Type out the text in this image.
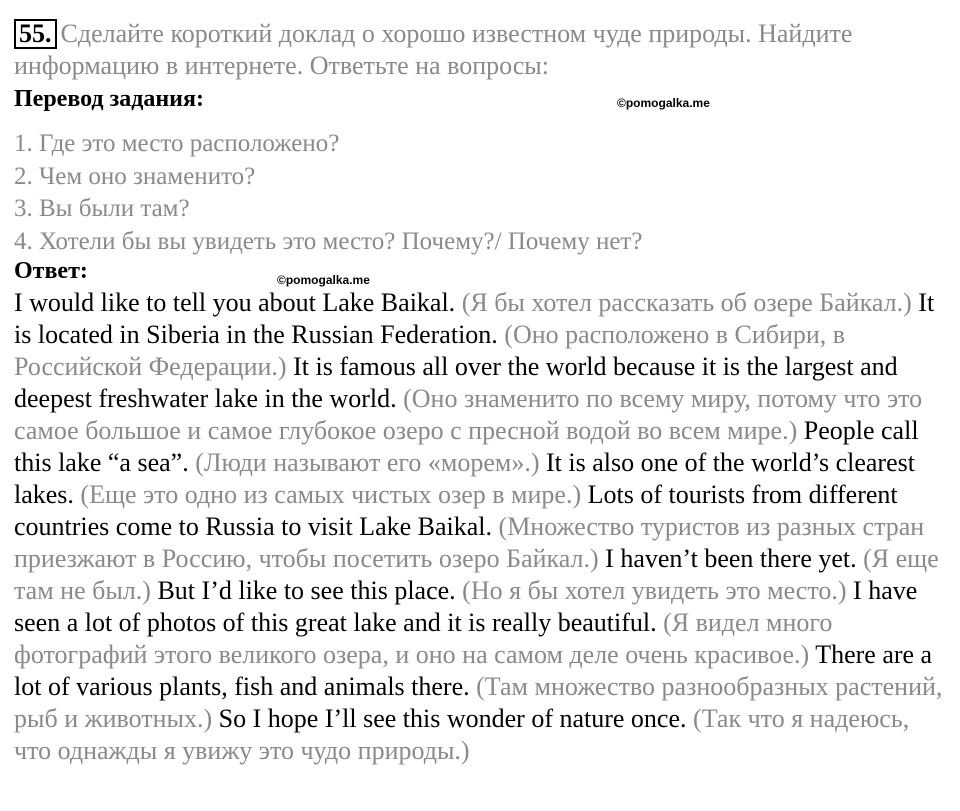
55. Сделайте короткий доклад о хорошо известном чуде природы. Найдите информацию в интернете. Ответьте на вопросы:
Перевод задания:	©pomogalka.me
1. Где это место расположено?
2. Чем оно знаменито?
3. Вы были там?
4. Хотели бы вы увидеть это место? Почему?/ Почему нет?
Ответ:	©pomogalka.me

I would like to tell you about Lake Baikal. (Я бы хотел рассказать об озере Байкал.) It is located in Siberia in the Russian Federation. (Оно расположено в Сибири, в Российской Федерации.) It is famous all over the world because it is the largest and deepest freshwater lake in the world. (Оно знаменито по всему миру, потому что это самое большое и самое глубокое озеро с пресной водой во всем мире.) People call this lake “a sea”. (Люди называют его «морем».) It is also one of the world’s clearest lakes. (Еще это одно из самых чистых озер в мире.) Lots of tourists from different countries come to Russia to visit Lake Baikal. (Множество туристов из разных стран приезжают в Россию, чтобы посетить озеро Байкал.) I haven’t been there yet. (Я еще там не был.) But I’d like to see this place. (Но я бы хотел увидеть это место.) I have seen a lot of photos of this great lake and it is really beautiful. (Я видел много фотографий этого великого озера, и оно на самом деле очень красивое.) There are a lot of various plants, fish and animals there. (Там множество разнообразных растений, рыб и животных.) So I hope I’ll see this wonder of nature once. (Так что я надеюсь, что однажды я увижу это чудо природы.)
